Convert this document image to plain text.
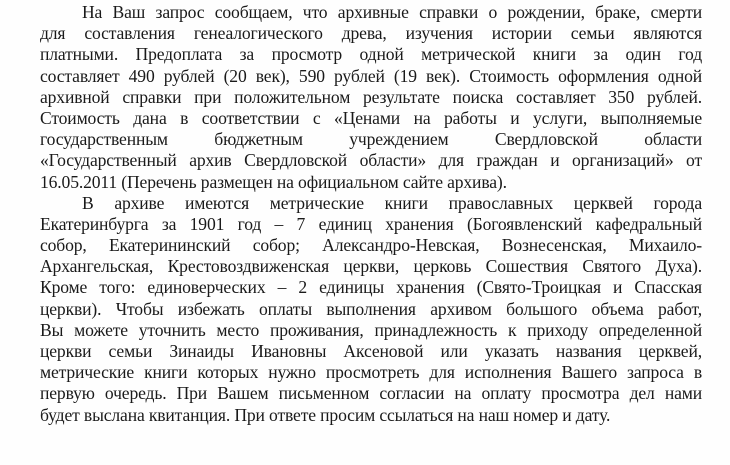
На Ваш запрос сообщаем, что архивные справки о рождении, браке, смерти
для составления генеалогического древа, изучения истории семьи являются
платными. Предоплата за просмотр одной метрической книги за один год
составляет 490 рублей (20 век), 590 рублей (19 век). Стоимость оформления одной
архивной справки при положительном результате поиска составляет 350 рублей.
Стоимость дана в соответствии с «Ценами на работы и услуги, выполняемые
государственным бюджетным учреждением Свердловской области
«Государственный архив Свердловской области» для граждан и организаций» от
16.05.2011 (Перечень размещен на официальном сайте архива).
В архиве имеются метрические книги православных церквей города
Екатеринбурга за 1901 год – 7 единиц хранения (Богоявленский кафедральный
собор, Екатерининский собор; Александро-Невская, Вознесенская, Михаило-
Архангельская, Крестовоздвиженская церкви, церковь Сошествия Святого Духа).
Кроме того: единоверческих – 2 единицы хранения (Свято-Троицкая и Спасская
церкви). Чтобы избежать оплаты выполнения архивом большого объема работ,
Вы можете уточнить место проживания, принадлежность к приходу определенной
церкви семьи Зинаиды Ивановны Аксеновой или указать названия церквей,
метрические книги которых нужно просмотреть для исполнения Вашего запроса в
первую очередь. При Вашем письменном согласии на оплату просмотра дел нами
будет выслана квитанция. При ответе просим ссылаться на наш номер и дату.
